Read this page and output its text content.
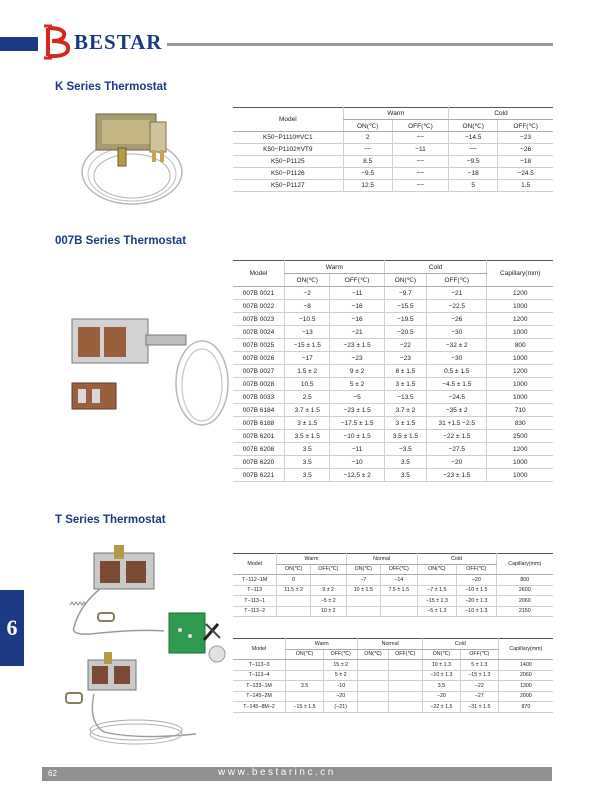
BESTAR
K Series Thermostat
Model	Warm		Cold	
	ON(℃)	OFF(℃)	ON(℃)	OFF(℃)
K50−P1110≡VC1	2	−−	−14.5	−23
K50−P1102≡VT9	−−	−11	−−	−26
K50−P1125	8.5	−−	−9.5	−18
K50−P1126	−9.5	−−	−18	−24.5
K50−P1127	12.5	−−	5	1.5
007B Series Thermostat
Model	Warm		Cold		Capillary(mm)
	ON(℃)	OFF(℃)	ON(℃)	OFF(℃)	
007B 0021	−2	−11	−9.7	−21	1200
007B 0022	−8	−16	−15.5	−22.5	1000
007B 0023	−10.5	−16	−19.5	−26	1200
007B 0024	−13	−21	−20.5	−30	1000
007B 0025	−15 ± 1.5	−23 ± 1.5	−22	−32 ± 2	800
007B 0026	−17	−23	−23	−30	1000
007B 0027	1.5 ± 2	9 ± 2	8 ± 1.5	0.5 ± 1.5	1200
007B 0028	10.5	5 ± 2	3 ± 1.5	−4.5 ± 1.5	1000
007B 0033	2.5	−5	−13.5	−24.5	1000
007B 6184	3.7 ± 1.5	−23 ± 1.5	3.7 ± 2	−35 ± 2	710
007B 6188	3 ± 1.5	−17.5 ± 1.5	3 ± 1.5	31 +1.5 −2.5	830
007B 6201	3.5 ± 1.5	−10 ± 1.5	3.5 ± 1.5	−22 ± 1.5	2500
007B 6208	3.5	−11	−3.5	−27.5	1200
007B 6220	3.5	−10	3.5	−20	1000
007B 6221	3.5	−12.5 ± 2	3.5	−23 ± 1.5	1000
T Series Thermostat
Model	Warm		Normal		Cold		Capillary(mm)
	ON(℃)	OFF(℃)	ON(℃)	OFF(℃)	ON(℃)	OFF(℃)	
T−112−1M	0		−7	−14		−20	800
T−113	11.5 ± 2	9 ± 2	10 ± 1.5	7.5 ± 1.5	−7 ± 1.5	−10 ± 1.5	2600
T−113−1		−5 ± 2			−15 ± 1.3	−20 ± 1.3	2060
T−113−2		10 ± 2			−5 ± 1.3	−10 ± 1.3	2150
Model	Warm		Normal		Cold		Capillary(mm)
	ON(℃)	OFF(℃)	ON(℃)	OFF(℃)	ON(℃)	OFF(℃)	
T−113−3		15 ± 2			10 ± 1.3	5 ± 1.3	1400
T−113−4		5 ± 2			−10 ± 1.3	−15 ± 1.3	2060
T−133−1M	3.5	−10			3.5	−22	1300
T−145−2M		−20			−20	−27	2000
T−145−8M−2	−15 ± 1.5	(−21)			−22 ± 1.5	−31 ± 1.5	870
6
62	www.bestarinc.cn
